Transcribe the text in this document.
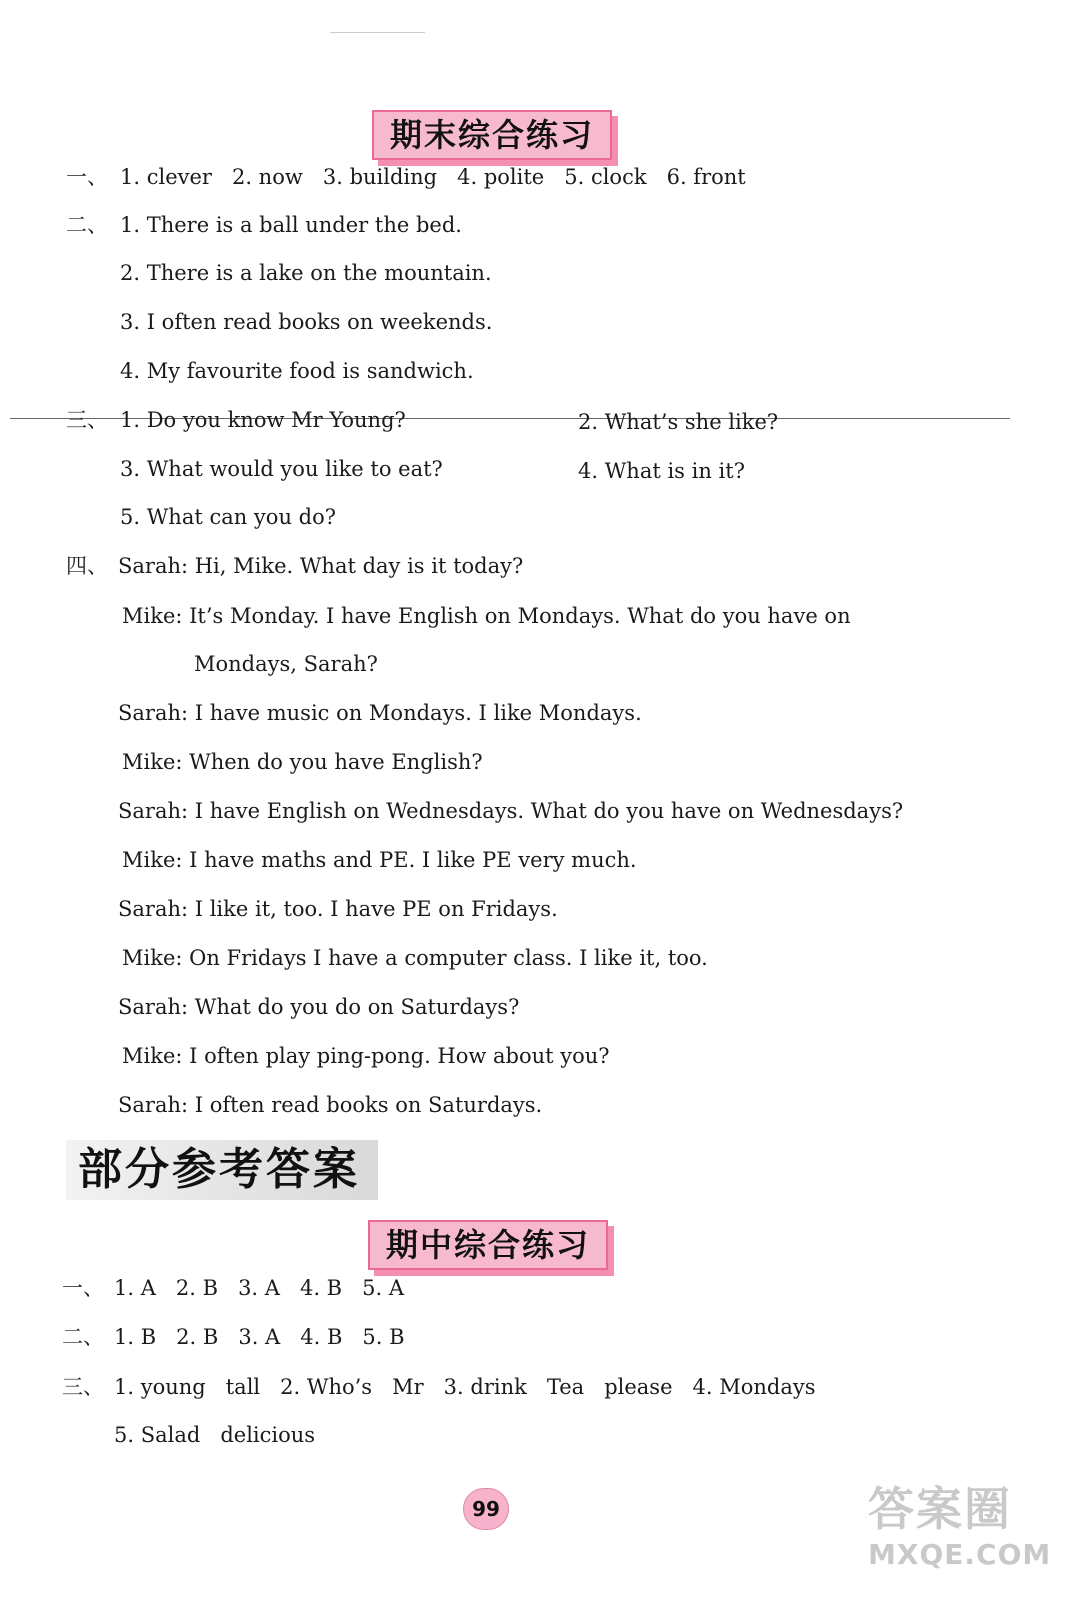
期末综合练习
一、 1. clever   2. now   3. building   4. polite   5. clock   6. front
二、 1. There is a ball under the bed.
2. There is a lake on the mountain.
3. I often read books on weekends.
4. My favourite food is sandwich.
三、 1. Do you know Mr Young?	2. What’s she like?
3. What would you like to eat?	4. What is in it?
5. What can you do?
四、 Sarah: Hi, Mike. What day is it today?
Mike: It’s Monday. I have English on Mondays. What do you have on
Mondays, Sarah?
Sarah: I have music on Mondays. I like Mondays.
Mike: When do you have English?
Sarah: I have English on Wednesdays. What do you have on Wednesdays?
Mike: I have maths and PE. I like PE very much.
Sarah: I like it, too. I have PE on Fridays.
Mike: On Fridays I have a computer class. I like it, too.
Sarah: What do you do on Saturdays?
Mike: I often play ping-pong. How about you?
Sarah: I often read books on Saturdays.
部分参考答案
期中综合练习
一、 1. A   2. B   3. A   4. B   5. A
二、 1. B   2. B   3. A   4. B   5. B
三、 1. young   tall   2. Who’s   Mr   3. drink   Tea   please   4. Mondays
5. Salad   delicious
99	答案圈
MXQE.COM
